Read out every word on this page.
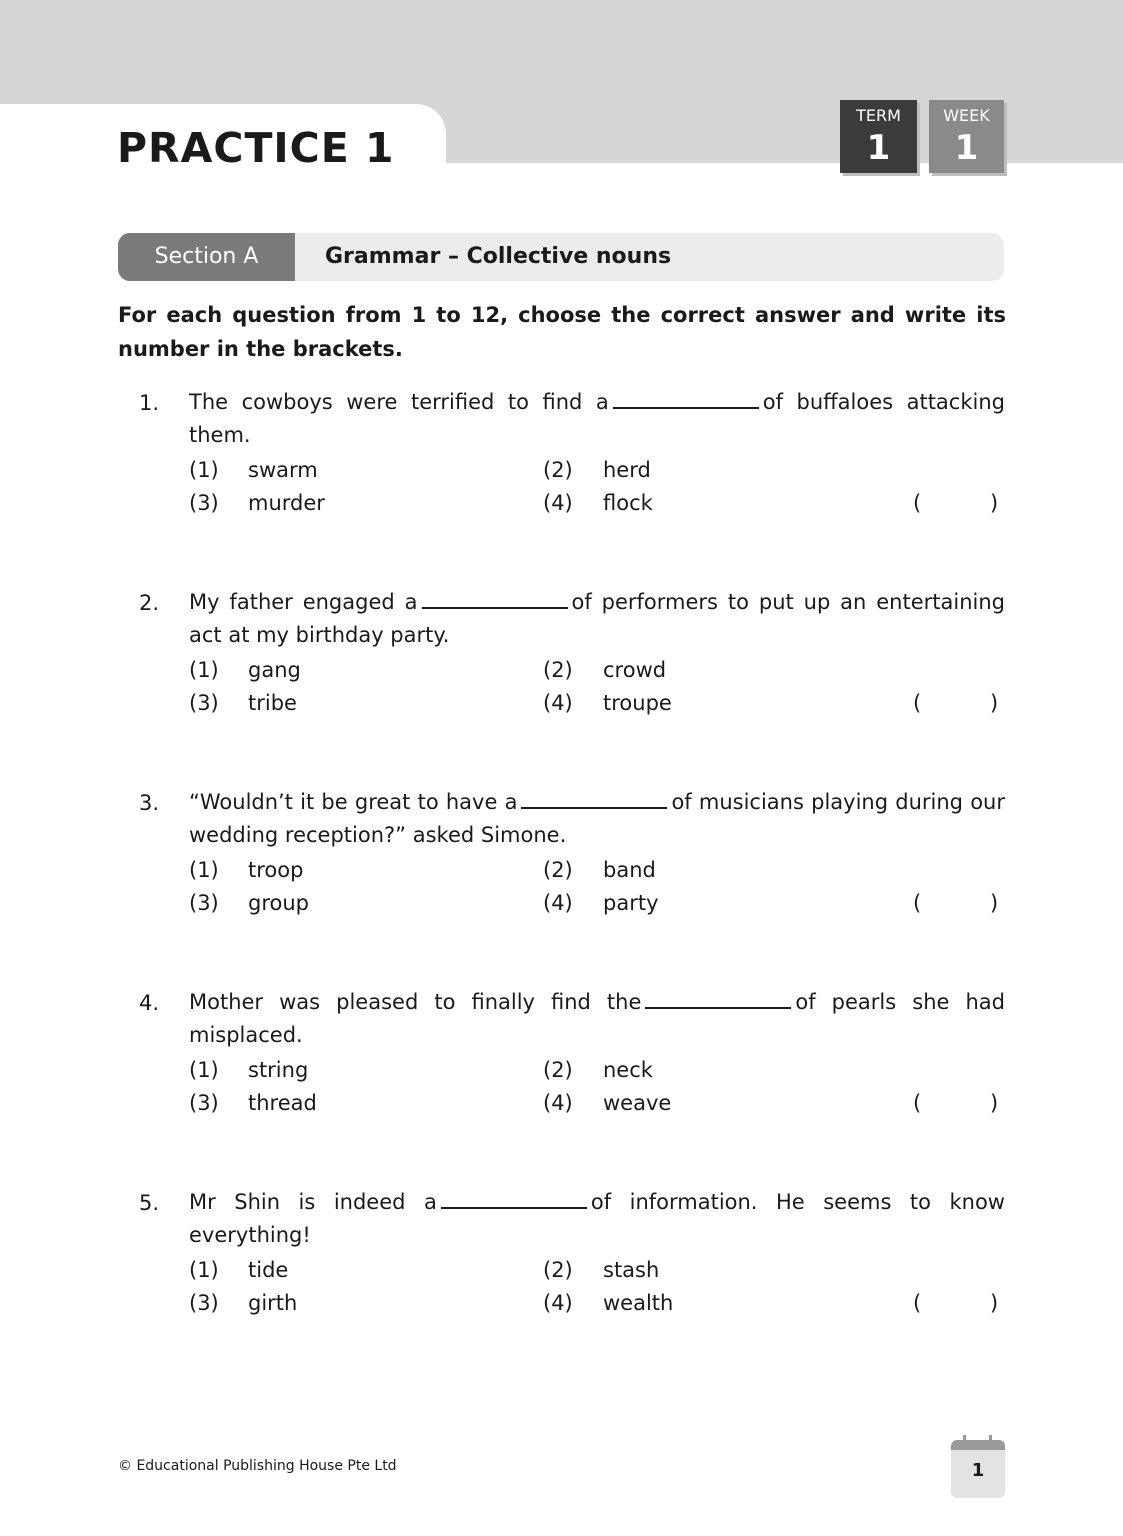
PRACTICE 1
TERM
1
WEEK
1
Section A	Grammar – Collective nouns
For each question from 1 to 12, choose the correct answer and write its number in the brackets.
1. The cowboys were terrified to find a	of buffaloes attacking them.
(1) swarm	(2) herd
(3) murder	(4) flock	(	)
2. My father engaged a	of performers to put up an entertaining act at my birthday party.
(1) gang	(2) crowd
(3) tribe	(4) troupe	(	)
3. “Wouldn’t it be great to have a	of musicians playing during our wedding reception?” asked Simone.
(1) troop	(2) band
(3) group	(4) party	(	)
4. Mother was pleased to finally find the	of pearls she had misplaced.
(1) string	(2) neck
(3) thread	(4) weave	(	)
5. Mr Shin is indeed a	of information. He seems to know everything!
(1) tide	(2) stash
(3) girth	(4) wealth	(	)
© Educational Publishing House Pte Ltd	1
